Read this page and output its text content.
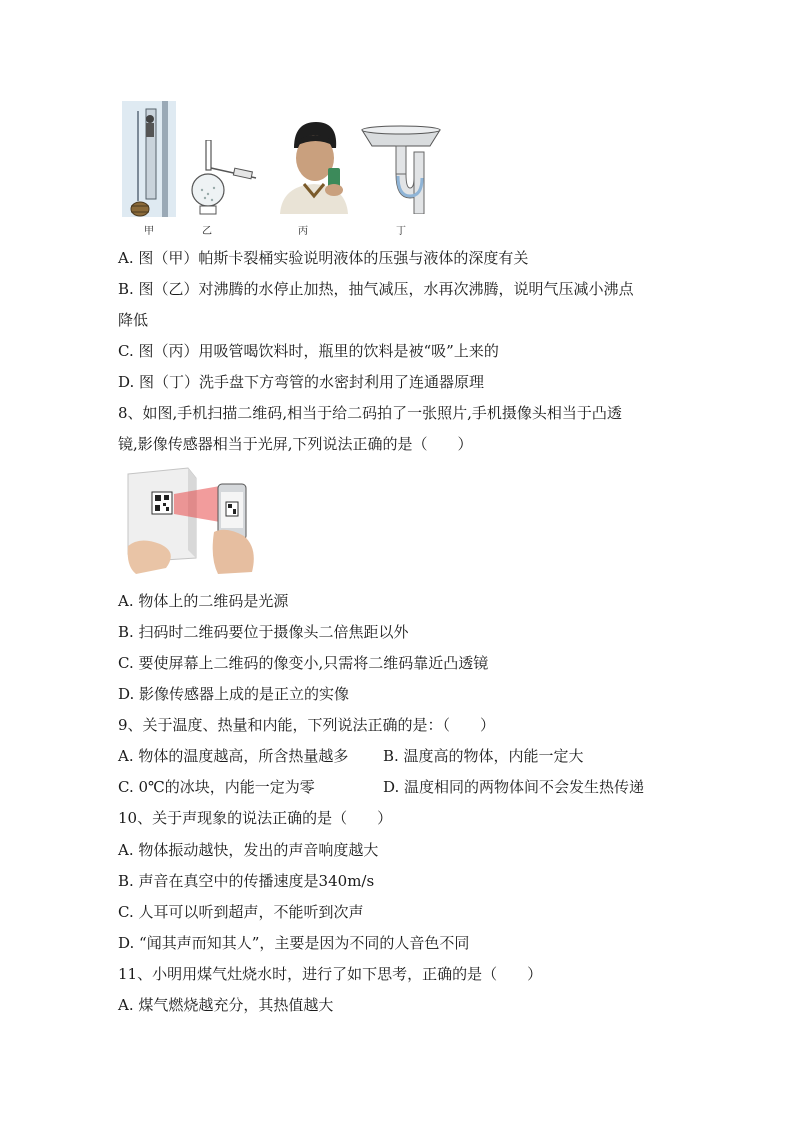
甲	乙	丙	丁
A. 图（甲）帕斯卡裂桶实验说明液体的压强与液体的深度有关
B. 图（乙）对沸腾的水停止加热，抽气减压，水再次沸腾，说明气压减小沸点
降低
C. 图（丙）用吸管喝饮料时，瓶里的饮料是被“吸”上来的
D. 图（丁）洗手盘下方弯管的水密封利用了连通器原理
8、如图,手机扫描二维码,相当于给二码拍了一张照片,手机摄像头相当于凸透
镜,影像传感器相当于光屏,下列说法正确的是（　　）
A. 物体上的二维码是光源
B. 扫码时二维码要位于摄像头二倍焦距以外
C. 要使屏幕上二维码的像变小,只需将二维码靠近凸透镜
D. 影像传感器上成的是正立的实像
9、关于温度、热量和内能，下列说法正确的是：（　　）
A. 物体的温度越高，所含热量越多 B. 温度高的物体，内能一定大
C. 0℃的冰块，内能一定为零	D. 温度相同的两物体间不会发生热传递
10、关于声现象的说法正确的是（　　）
A. 物体振动越快，发出的声音响度越大
B. 声音在真空中的传播速度是340m/s
C. 人耳可以听到超声，不能听到次声
D. “闻其声而知其人”，主要是因为不同的人音色不同
11、小明用煤气灶烧水时，进行了如下思考，正确的是（　　）
A. 煤气燃烧越充分，其热值越大
